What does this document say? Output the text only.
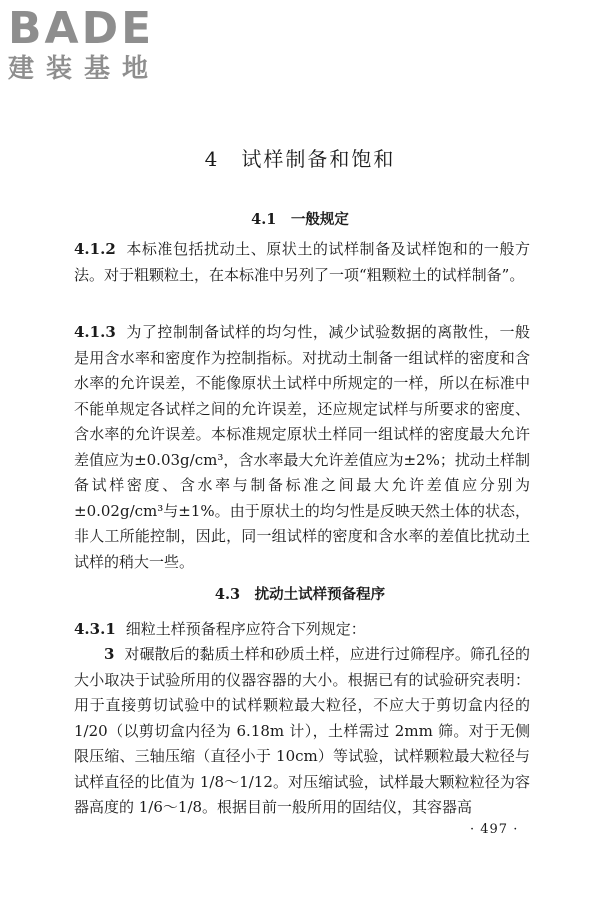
BADE
建装基地
4　试样制备和饱和
4.1　一般规定
4.1.2 本标准包括扰动土、原状土的试样制备及试样饱和的一般方法。对于粗颗粒土，在本标准中另列了一项“粗颗粒土的试样制备”。
4.1.3 为了控制制备试样的均匀性，减少试验数据的离散性，一般是用含水率和密度作为控制指标。对扰动土制备一组试样的密度和含水率的允许误差，不能像原状土试样中所规定的一样，所以在标准中不能单规定各试样之间的允许误差，还应规定试样与所要求的密度、含水率的允许误差。本标准规定原状土样同一组试样的密度最大允许差值应为±0.03g/cm³，含水率最大允许差值应为±2%；扰动土样制备试样密度、含水率与制备标准之间最大允许差值应分别为±0.02g/cm³与±1%。由于原状土的均匀性是反映天然土体的状态，非人工所能控制，因此，同一组试样的密度和含水率的差值比扰动土试样的稍大一些。
4.3　扰动土试样预备程序
4.3.1 细粒土样预备程序应符合下列规定：
3 对碾散后的黏质土样和砂质土样，应进行过筛程序。筛孔径的大小取决于试验所用的仪器容器的大小。根据已有的试验研究表明：用于直接剪切试验中的试样颗粒最大粒径，不应大于剪切盒内径的 1/20（以剪切盒内径为 6.18m 计），土样需过 2mm 筛。对于无侧限压缩、三轴压缩（直径小于 10cm）等试验，试样颗粒最大粒径与试样直径的比值为 1/8～1/12。对压缩试验，试样最大颗粒粒径为容器高度的 1/6～1/8。根据目前一般所用的固结仪，其容器高
· 497 ·
